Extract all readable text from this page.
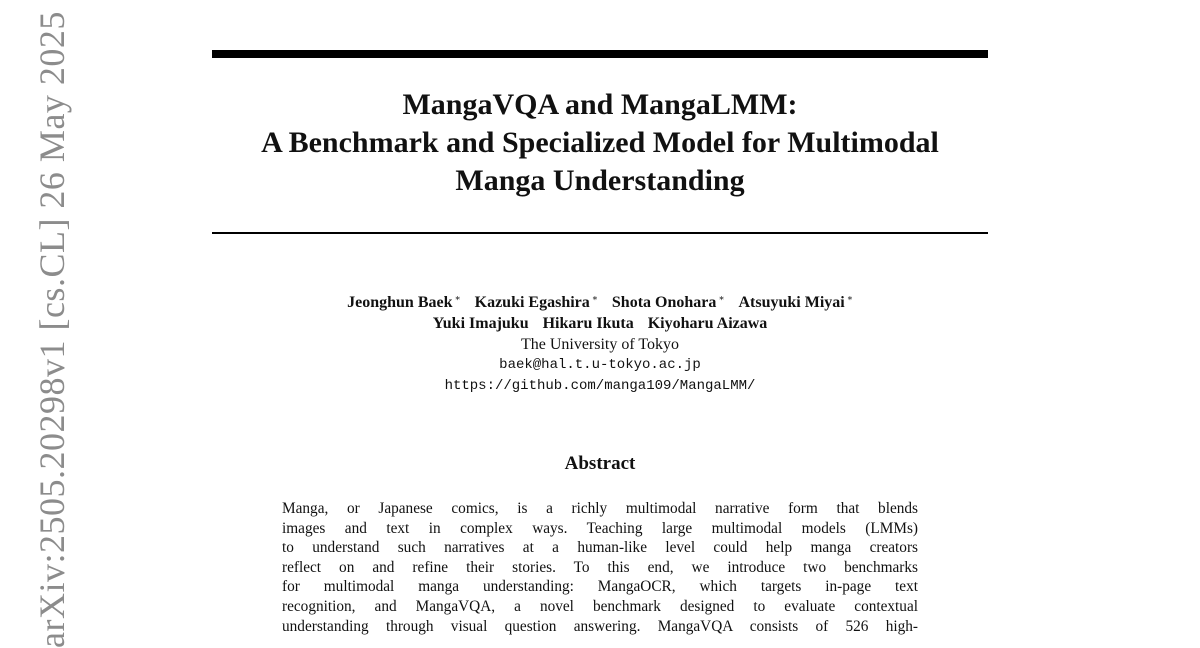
arXiv:2505.20298v1 [cs.CL] 26 May 2025	MangaVQA and MangaLMM:
A Benchmark and Specialized Model for Multimodal
Manga Understanding
Jeonghun Baek ∗ Kazuki Egashira ∗ Shota Onohara ∗ Atsuyuki Miyai ∗
Yuki Imajuku Hikaru Ikuta Kiyoharu Aizawa
The University of Tokyo
baek@hal.t.u-tokyo.ac.jp
https://github.com/manga109/MangaLMM/
Abstract
Manga, or Japanese comics, is a richly multimodal narrative form that blends
images and text in complex ways. Teaching large multimodal models (LMMs)
to understand such narratives at a human-like level could help manga creators
reflect on and refine their stories. To this end, we introduce two benchmarks
for multimodal manga understanding: MangaOCR, which targets in-page text
recognition, and MangaVQA, a novel benchmark designed to evaluate contextual
understanding through visual question answering. MangaVQA consists of 526 high-
